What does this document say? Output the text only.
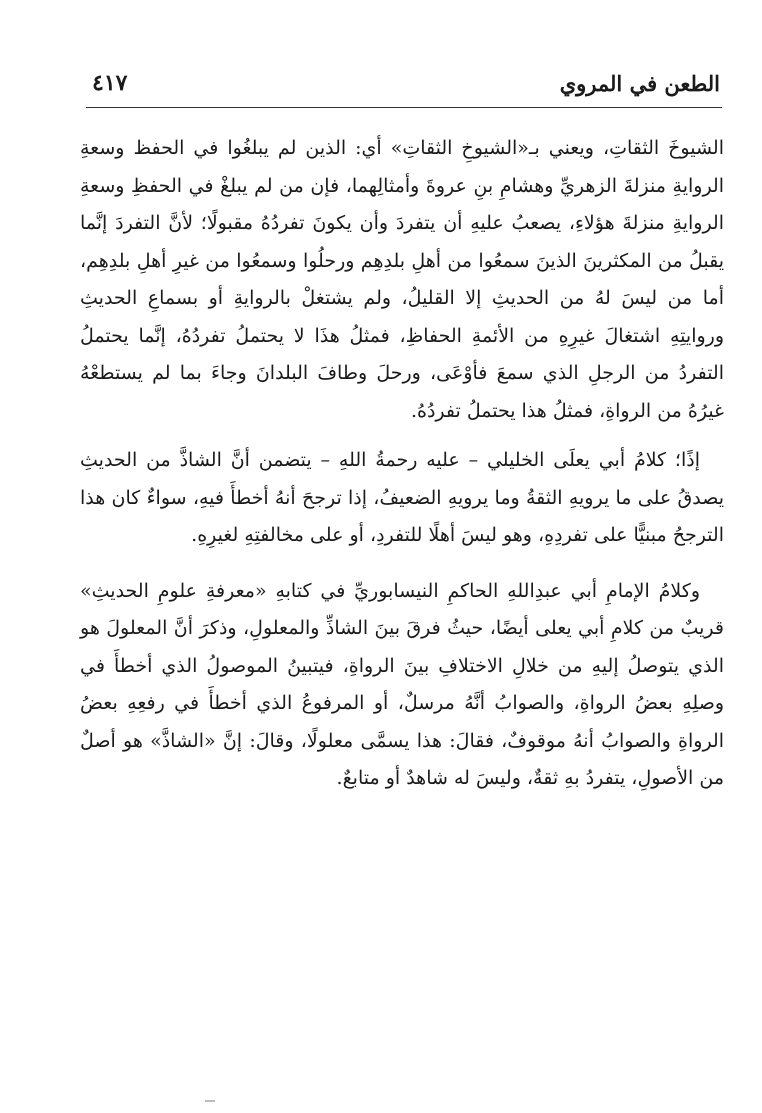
٤١٧	الطعن في المروي

الشيوخَ الثقاتِ، ويعني بـ«الشيوخِ الثقاتِ» أي: الذين لم يبلغُوا في الحفظ وسعةِ الروايةِ منزلةَ الزهريِّ وهشامِ بنِ عروةَ وأمثالِهما، فإن من لم يبلغْ في الحفظِ وسعةِ الروايةِ منزلةَ هؤلاءِ، يصعبُ عليهِ أن يتفردَ وأن يكونَ تفردُهُ مقبولًا؛ لأنَّ التفردَ إنَّما يقبلُ من المكثرينَ الذينَ سمعُوا من أهلِ بلدِهِم ورحلُوا وسمعُوا من غيرِ أهلِ بلدِهِم، أما من ليسَ لهُ من الحديثِ إلا القليلُ، ولم يشتغلْ بالروايةِ أو بسماعِ الحديثِ وروايتِهِ اشتغالَ غيرِهِ من الأئمةِ الحفاظِ، فمثلُ هذَا لا يحتملُ تفردُهُ، إنَّما يحتملُ التفردُ من الرجلِ الذي سمعَ فأوْعَى، ورحلَ وطافَ البلدانَ وجاءَ بما لم يستطعْهُ غيرُهُ من الرواةِ، فمثلُ هذا يحتملُ تفردُهُ.

إذًا؛ كلامُ أبي يعلَى الخليلي – عليه رحمةُ اللهِ – يتضمن أنَّ الشاذَّ من الحديثِ يصدقُ على ما يرويهِ الثقةُ وما يرويهِ الضعيفُ، إذا ترجحَ أنهُ أخطأَ فيهِ، سواءٌ كان هذا الترجحُ مبنيًّا على تفردِهِ، وهو ليسَ أهلًا للتفردِ، أو على مخالفتِهِ لغيرِهِ.

وكلامُ الإمامِ أبي عبدِاللهِ الحاكمِ النيسابوريِّ في كتابهِ «معرفةِ علومِ الحديثِ» قريبٌ من كلامِ أبي يعلى أيضًا، حيثُ فرقَ بينَ الشاذِّ والمعلولِ، وذكرَ أنَّ المعلولَ هو الذي يتوصلُ إليهِ من خلالِ الاختلافِ بينَ الرواةِ، فيتبينُ الموصولُ الذي أخطأَ في وصلِهِ بعضُ الرواةِ، والصوابُ أنَّهُ مرسلٌ، أو المرفوعُ الذي أخطأَ في رفعِهِ بعضُ الرواةِ والصوابُ أنهُ موقوفٌ، فقالَ: هذا يسمَّى معلولًا، وقالَ: إنَّ «الشاذَّ» هو أصلٌ من الأصولِ، يتفردُ بهِ ثقةٌ، وليسَ له شاهدٌ أو متابعٌ.
